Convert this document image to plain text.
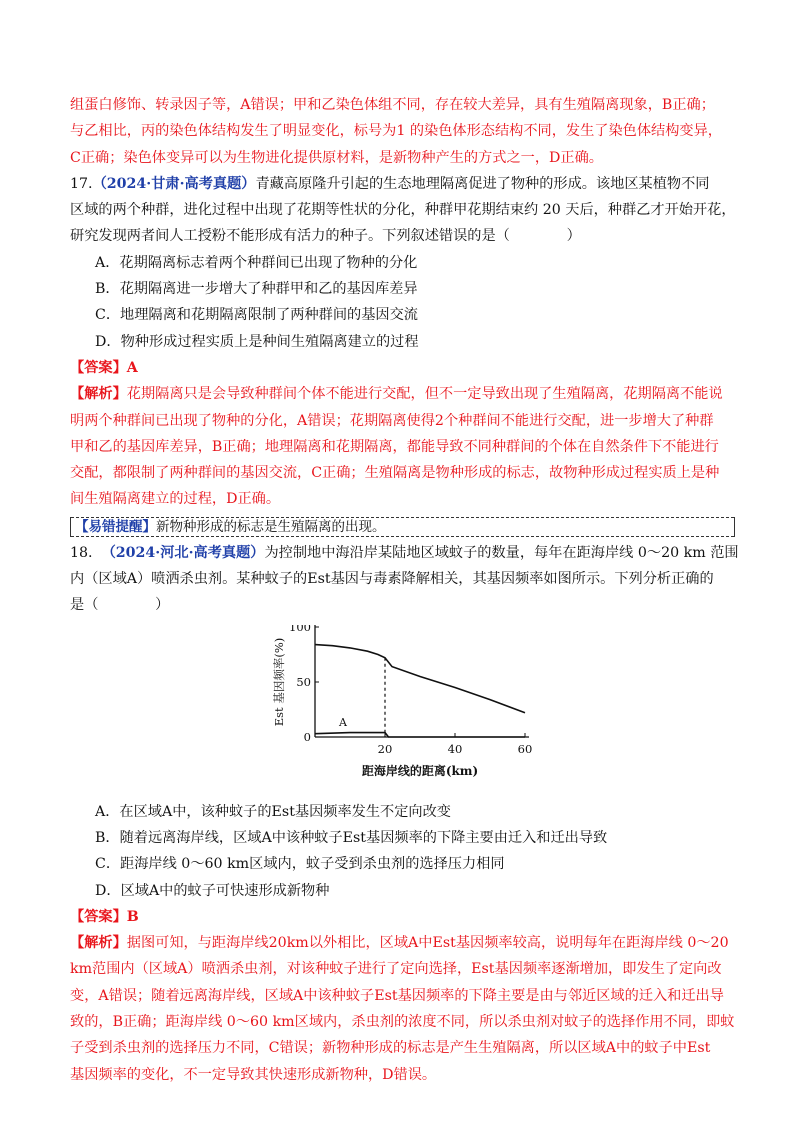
组蛋白修饰、转录因子等，A错误；甲和乙染色体组不同，存在较大差异，具有生殖隔离现象，B正确；
与乙相比，丙的染色体结构发生了明显变化，标号为1 的染色体形态结构不同，发生了染色体结构变异，
C正确；染色体变异可以为生物进化提供原材料，是新物种产生的方式之一，D正确。
17.（2024·甘肃·高考真题）青藏高原隆升引起的生态地理隔离促进了物种的形成。该地区某植物不同
区域的两个种群，进化过程中出现了花期等性状的分化，种群甲花期结束约 20 天后，种群乙才开始开花，
研究发现两者间人工授粉不能形成有活力的种子。下列叙述错误的是（　　　　）
A．花期隔离标志着两个种群间已出现了物种的分化
B．花期隔离进一步增大了种群甲和乙的基因库差异
C．地理隔离和花期隔离限制了两种群间的基因交流
D．物种形成过程实质上是种间生殖隔离建立的过程
【答案】A
【解析】花期隔离只是会导致种群间个体不能进行交配，但不一定导致出现了生殖隔离，花期隔离不能说
明两个种群间已出现了物种的分化，A错误；花期隔离使得2个种群间不能进行交配，进一步增大了种群
甲和乙的基因库差异，B正确；地理隔离和花期隔离，都能导致不同种群间的个体在自然条件下不能进行
交配，都限制了两种群间的基因交流，C正确；生殖隔离是物种形成的标志，故物种形成过程实质上是种
间生殖隔离建立的过程，D正确。
【易错提醒】新物种形成的标志是生殖隔离的出现。
18. （2024·河北·高考真题）为控制地中海沿岸某陆地区域蚊子的数量，每年在距海岸线 0～20 km 范围
内（区域A）喷洒杀虫剂。某种蚊子的Est基因与毒素降解相关，其基因频率如图所示。下列分析正确的
是（　　　　）
0
50
100
20	40	60
A
Est 基因频率(%)
距海岸线的距离(km)
A．在区域A中，该种蚊子的Est基因频率发生不定向改变
B．随着远离海岸线，区域A中该种蚊子Est基因频率的下降主要由迁入和迁出导致
C．距海岸线 0～60 km区域内，蚊子受到杀虫剂的选择压力相同
D．区域A中的蚊子可快速形成新物种
【答案】B
【解析】据图可知，与距海岸线20km以外相比，区域A中Est基因频率较高，说明每年在距海岸线 0～20
km范围内（区域A）喷洒杀虫剂，对该种蚊子进行了定向选择，Est基因频率逐渐增加，即发生了定向改
变，A错误；随着远离海岸线，区域A中该种蚊子Est基因频率的下降主要是由与邻近区域的迁入和迁出导
致的，B正确；距海岸线 0～60 km区域内，杀虫剂的浓度不同，所以杀虫剂对蚊子的选择作用不同，即蚊
子受到杀虫剂的选择压力不同，C错误；新物种形成的标志是产生生殖隔离，所以区域A中的蚊子中Est
基因频率的变化，不一定导致其快速形成新物种，D错误。
